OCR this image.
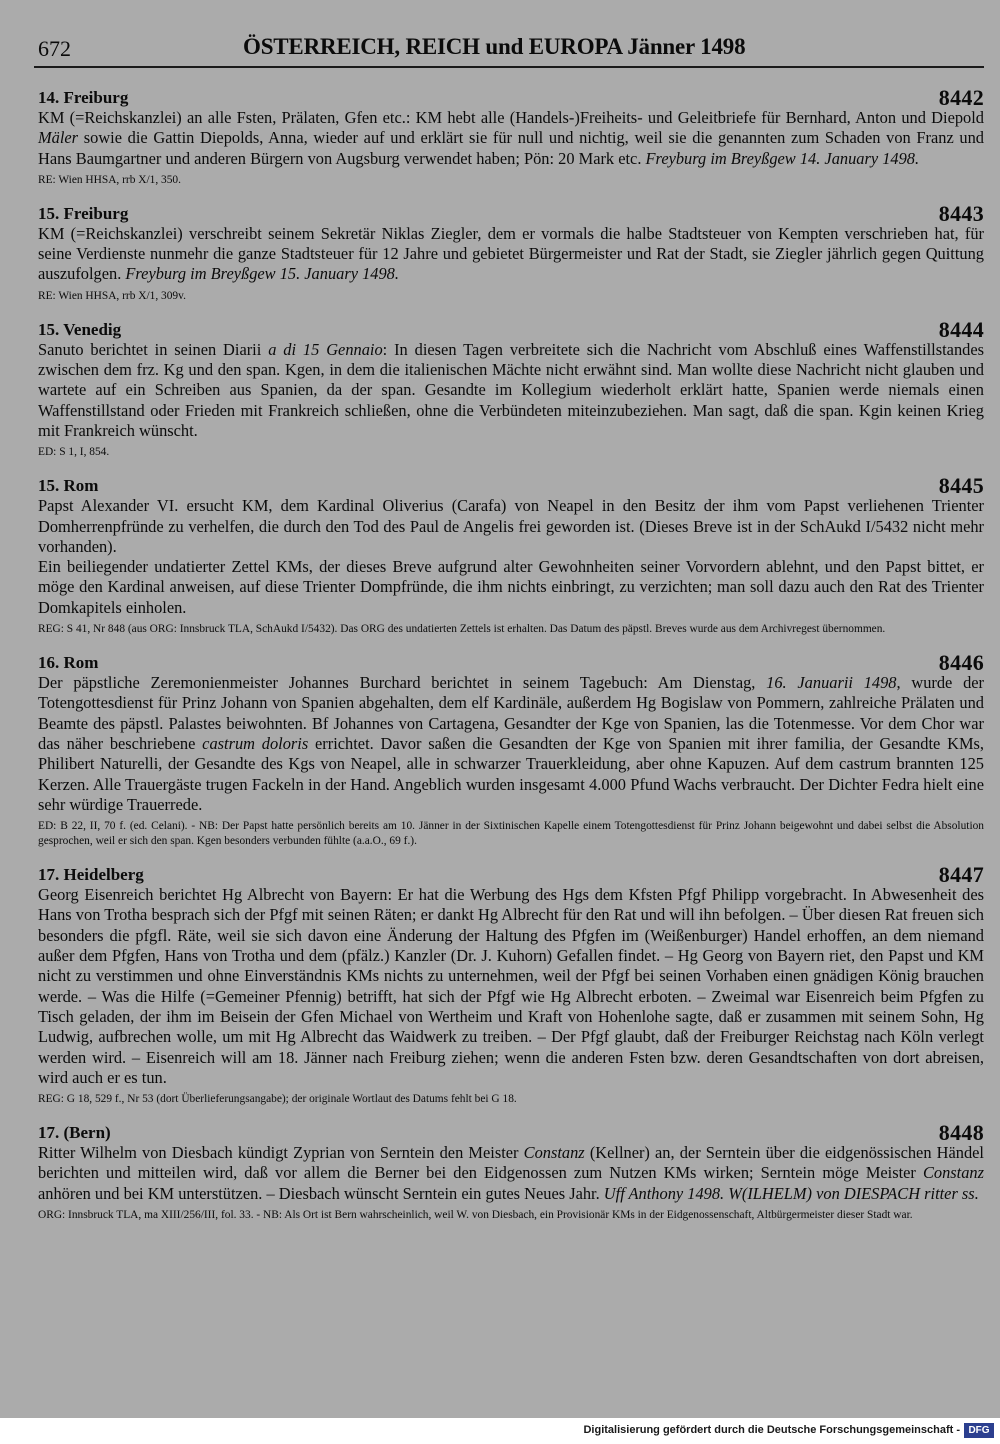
672	ÖSTERREICH, REICH und EUROPA Jänner 1498
14. Freiburg	8442

KM (=Reichskanzlei) an alle Fsten, Prälaten, Gfen etc.: KM hebt alle (Handels-)Freiheits- und Geleitbriefe für Bernhard, Anton und Diepold Mäler sowie die Gattin Diepolds, Anna, wieder auf und erklärt sie für null und nichtig, weil sie die genannten zum Schaden von Franz und Hans Baumgartner und anderen Bürgern von Augsburg verwendet haben; Pön: 20 Mark etc. Freyburg im Breyßgew 14. January 1498.

RE: Wien HHSA, rrb X/1, 350.

15. Freiburg	8443

KM (=Reichskanzlei) verschreibt seinem Sekretär Niklas Ziegler, dem er vormals die halbe Stadtsteuer von Kempten verschrieben hat, für seine Verdienste nunmehr die ganze Stadtsteuer für 12 Jahre und gebietet Bürgermeister und Rat der Stadt, sie Ziegler jährlich gegen Quittung auszufolgen. Freyburg im Breyßgew 15. January 1498.

RE: Wien HHSA, rrb X/1, 309v.

15. Venedig	8444

Sanuto berichtet in seinen Diarii a di 15 Gennaio: In diesen Tagen verbreitete sich die Nachricht vom Abschluß eines Waffenstillstandes zwischen dem frz. Kg und den span. Kgen, in dem die italienischen Mächte nicht erwähnt sind. Man wollte diese Nachricht nicht glauben und wartete auf ein Schreiben aus Spanien, da der span. Gesandte im Kollegium wiederholt erklärt hatte, Spanien werde niemals einen Waffenstillstand oder Frieden mit Frankreich schließen, ohne die Verbündeten miteinzubeziehen. Man sagt, daß die span. Kgin keinen Krieg mit Frankreich wünscht.

ED: S 1, I, 854.

15. Rom	8445

Papst Alexander VI. ersucht KM, dem Kardinal Oliverius (Carafa) von Neapel in den Besitz der ihm vom Papst verliehenen Trienter Domherrenpfründe zu verhelfen, die durch den Tod des Paul de Angelis frei geworden ist. (Dieses Breve ist in der SchAukd I/5432 nicht mehr vorhanden).

Ein beiliegender undatierter Zettel KMs, der dieses Breve aufgrund alter Gewohnheiten seiner Vorvordern ablehnt, und den Papst bittet, er möge den Kardinal anweisen, auf diese Trienter Dompfründe, die ihm nichts einbringt, zu verzichten; man soll dazu auch den Rat des Trienter Domkapitels einholen.

REG: S 41, Nr 848 (aus ORG: Innsbruck TLA, SchAukd I/5432). Das ORG des undatierten Zettels ist erhalten. Das Datum des päpstl. Breves wurde aus dem Archivregest übernommen.

16. Rom	8446

Der päpstliche Zeremonienmeister Johannes Burchard berichtet in seinem Tagebuch: Am Dienstag, 16. Januarii 1498, wurde der Totengottesdienst für Prinz Johann von Spanien abgehalten, dem elf Kardinäle, außerdem Hg Bogislaw von Pommern, zahlreiche Prälaten und Beamte des päpstl. Palastes beiwohnten. Bf Johannes von Cartagena, Gesandter der Kge von Spanien, las die Totenmesse. Vor dem Chor war das näher beschriebene castrum doloris errichtet. Davor saßen die Gesandten der Kge von Spanien mit ihrer familia, der Gesandte KMs, Philibert Naturelli, der Gesandte des Kgs von Neapel, alle in schwarzer Trauerkleidung, aber ohne Kapuzen. Auf dem castrum brannten 125 Kerzen. Alle Trauergäste trugen Fackeln in der Hand. Angeblich wurden insgesamt 4.000 Pfund Wachs verbraucht. Der Dichter Fedra hielt eine sehr würdige Trauerrede.

ED: B 22, II, 70 f. (ed. Celani). - NB: Der Papst hatte persönlich bereits am 10. Jänner in der Sixtinischen Kapelle einem Totengottesdienst für Prinz Johann beigewohnt und dabei selbst die Absolution gesprochen, weil er sich den span. Kgen besonders verbunden fühlte (a.a.O., 69 f.).

17. Heidelberg	8447

Georg Eisenreich berichtet Hg Albrecht von Bayern: Er hat die Werbung des Hgs dem Kfsten Pfgf Philipp vorgebracht. In Abwesenheit des Hans von Trotha besprach sich der Pfgf mit seinen Räten; er dankt Hg Albrecht für den Rat und will ihn befolgen. – Über diesen Rat freuen sich besonders die pfgfl. Räte, weil sie sich davon eine Änderung der Haltung des Pfgfen im (Weißenburger) Handel erhoffen, an dem niemand außer dem Pfgfen, Hans von Trotha und dem (pfälz.) Kanzler (Dr. J. Kuhorn) Gefallen findet. – Hg Georg von Bayern riet, den Papst und KM nicht zu verstimmen und ohne Einverständnis KMs nichts zu unternehmen, weil der Pfgf bei seinen Vorhaben einen gnädigen König brauchen werde. – Was die Hilfe (=Gemeiner Pfennig) betrifft, hat sich der Pfgf wie Hg Albrecht erboten. – Zweimal war Eisenreich beim Pfgfen zu Tisch geladen, der ihm im Beisein der Gfen Michael von Wertheim und Kraft von Hohenlohe sagte, daß er zusammen mit seinem Sohn, Hg Ludwig, aufbrechen wolle, um mit Hg Albrecht das Waidwerk zu treiben. – Der Pfgf glaubt, daß der Freiburger Reichstag nach Köln verlegt werden wird. – Eisenreich will am 18. Jänner nach Freiburg ziehen; wenn die anderen Fsten bzw. deren Gesandtschaften von dort abreisen, wird auch er es tun.

REG: G 18, 529 f., Nr 53 (dort Überlieferungsangabe); der originale Wortlaut des Datums fehlt bei G 18.

17. (Bern)	8448

Ritter Wilhelm von Diesbach kündigt Zyprian von Serntein den Meister Constanz (Kellner) an, der Serntein über die eidgenössischen Händel berichten und mitteilen wird, daß vor allem die Berner bei den Eidgenossen zum Nutzen KMs wirken; Serntein möge Meister Constanz anhören und bei KM unterstützen. – Diesbach wünscht Serntein ein gutes Neues Jahr. Uff Anthony 1498. W(ILHELM) von DIESPACH ritter ss.

ORG: Innsbruck TLA, ma XIII/256/III, fol. 33. - NB: Als Ort ist Bern wahrscheinlich, weil W. von Diesbach, ein Provisionär KMs in der Eidgenossenschaft, Altbürgermeister dieser Stadt war.

Digitalisierung gefördert durch die Deutsche Forschungsgemeinschaft - DFG
